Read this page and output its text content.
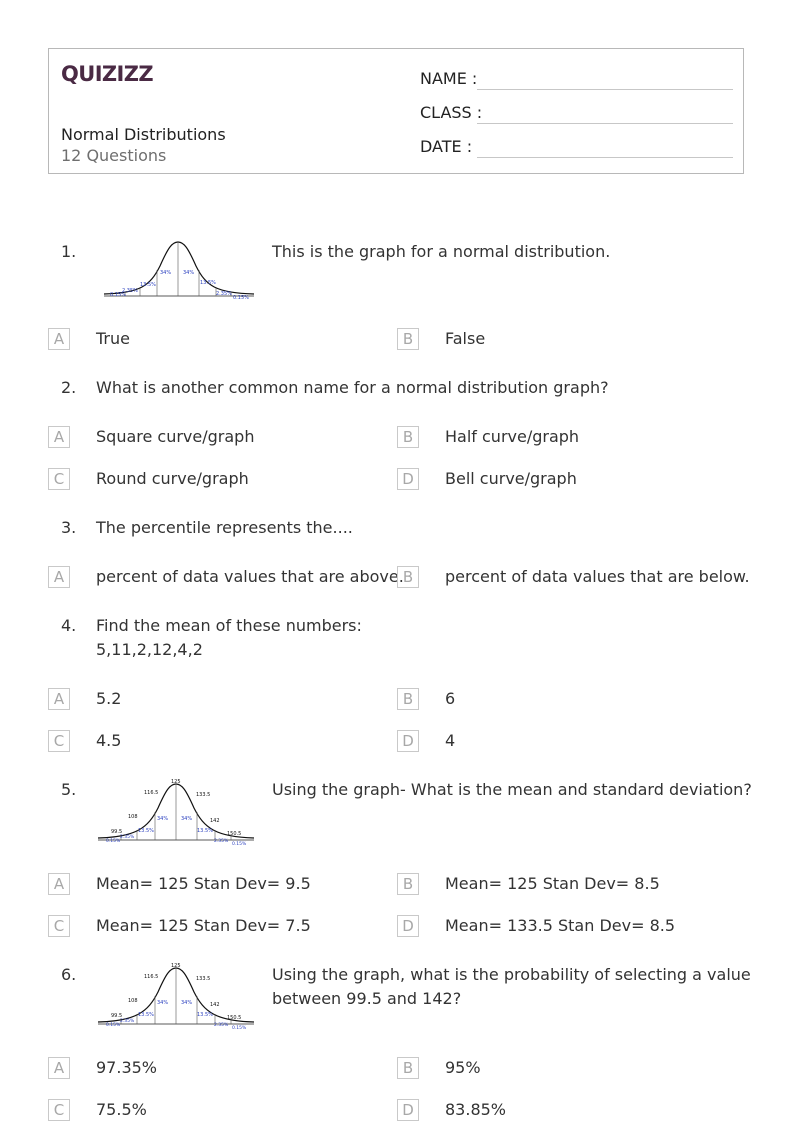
QUIZIZZ
Normal Distributions
12 Questions
NAME :
CLASS :
DATE :
1.
0.15%
2.35%
13.5%
34% 34%
13.5%
2.35%
0.15%
This is the graph for a normal distribution.
A	True	B	False
2. What is another common name for a normal distribution graph?
A	Square curve/graph	B	Half curve/graph
C	Round curve/graph	D	Bell curve/graph
3. The percentile represents the....
A	percent of data values that are above. B	percent of data values that are below.
4. Find the mean of these numbers:
5,11,2,12,4,2
A	5.2	B	6
C	4.5	D	4
5.
99.5
108
116.5
125
133.5
142
150.5
0.15%
2.35%
13.5%
34%	34%
13.5%
2.35%
0.15%
Using the graph- What is the mean and standard deviation?
A	Mean= 125 Stan Dev= 9.5	B	Mean= 125 Stan Dev= 8.5
C	Mean= 125 Stan Dev= 7.5	D	Mean= 133.5 Stan Dev= 8.5
6.
99.5
108
116.5
125
133.5
142
150.5
0.15%
2.35%
13.5%
34%	34%
13.5%
2.35%
0.15%
Using the graph, what is the probability of selecting a value
between 99.5 and 142?
A	97.35%	B	95%
C	75.5%	D	83.85%
